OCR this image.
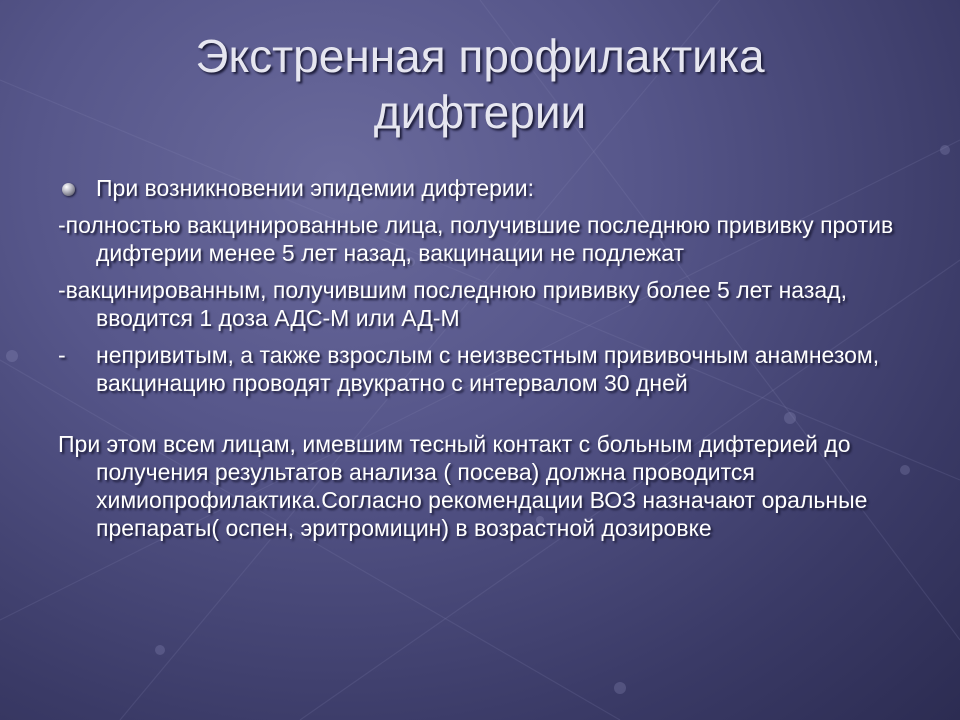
Экстренная профилактика
дифтерии
При возникновении эпидемии дифтерии:
-полностью вакцинированные лица, получившие последнюю прививку против дифтерии менее 5 лет назад, вакцинации не подлежат
-вакцинированным, получившим последнюю прививку более 5 лет назад, вводится 1 доза АДС-М или АД-М
- непривитым, а также взрослым с неизвестным прививочным анамнезом, вакцинацию проводят двукратно с интервалом 30 дней
При этом всем лицам, имевшим тесный контакт с больным дифтерией до получения результатов анализа ( посева) должна проводится химиопрофилактика.Согласно рекомендации ВОЗ назначают оральные препараты( оспен, эритромицин) в возрастной дозировке
